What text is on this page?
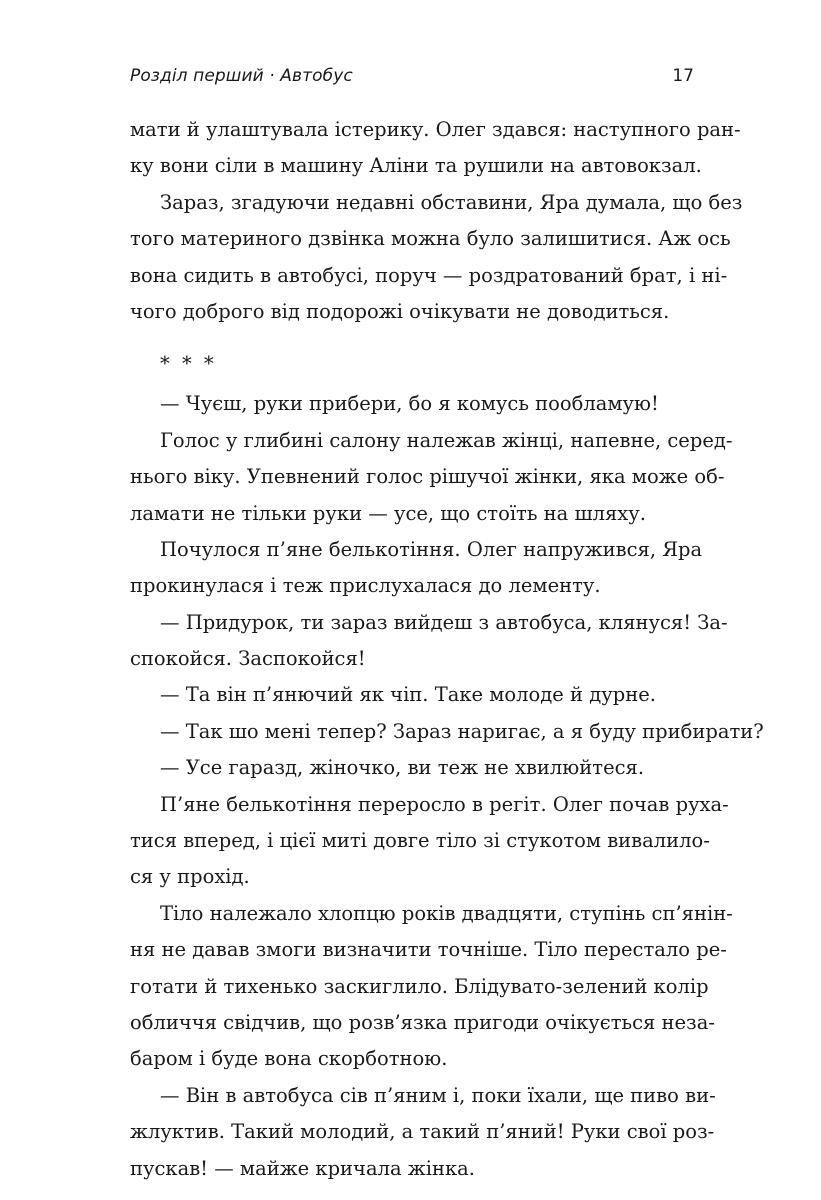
Розділ перший · Автобус	17
мати й улаштувала істерику. Олег здався: наступного ран-
ку вони сіли в машину Аліни та рушили на автовокзал.
Зараз, згадуючи недавні обставини, Яра думала, що без
того материного дзвінка можна було залишитися. Аж ось
вона сидить в автобусі, поруч — роздратований брат, і ні-
чого доброго від подорожі очікувати не доводиться.
* * *
— Чуєш, руки прибери, бо я комусь пообламую!
Голос у глибині салону належав жінці, напевне, серед-
нього віку. Упевнений голос рішучої жінки, яка може об-
ламати не тільки руки — усе, що стоїть на шляху.
Почулося п’яне белькотіння. Олег напружився, Яра
прокинулася і теж прислухалася до лементу.
— Придурок, ти зараз вийдеш з автобуса, клянуся! За-
спокойся. Заспокойся!
— Та він п’янючий як чіп. Таке молоде й дурне.
— Так шо мені тепер? Зараз наригає, а я буду прибирати?
— Усе гаразд, жіночко, ви теж не хвилюйтеся.
П’яне белькотіння переросло в регіт. Олег почав руха-
тися вперед, і цієї миті довге тіло зі стукотом вивалило-
ся у прохід.
Тіло належало хлопцю років двадцяти, ступінь сп’янін-
ня не давав змоги визначити точніше. Тіло перестало ре-
готати й тихенько заскиглило. Блідувато-зелений колір
обличчя свідчив, що розв’язка пригоди очікується неза-
баром і буде вона скорботною.
— Він в автобуса сів п’яним і, поки їхали, ще пиво ви-
жлуктив. Такий молодий, а такий п’яний! Руки свої роз-
пускав! — майже кричала жінка.
